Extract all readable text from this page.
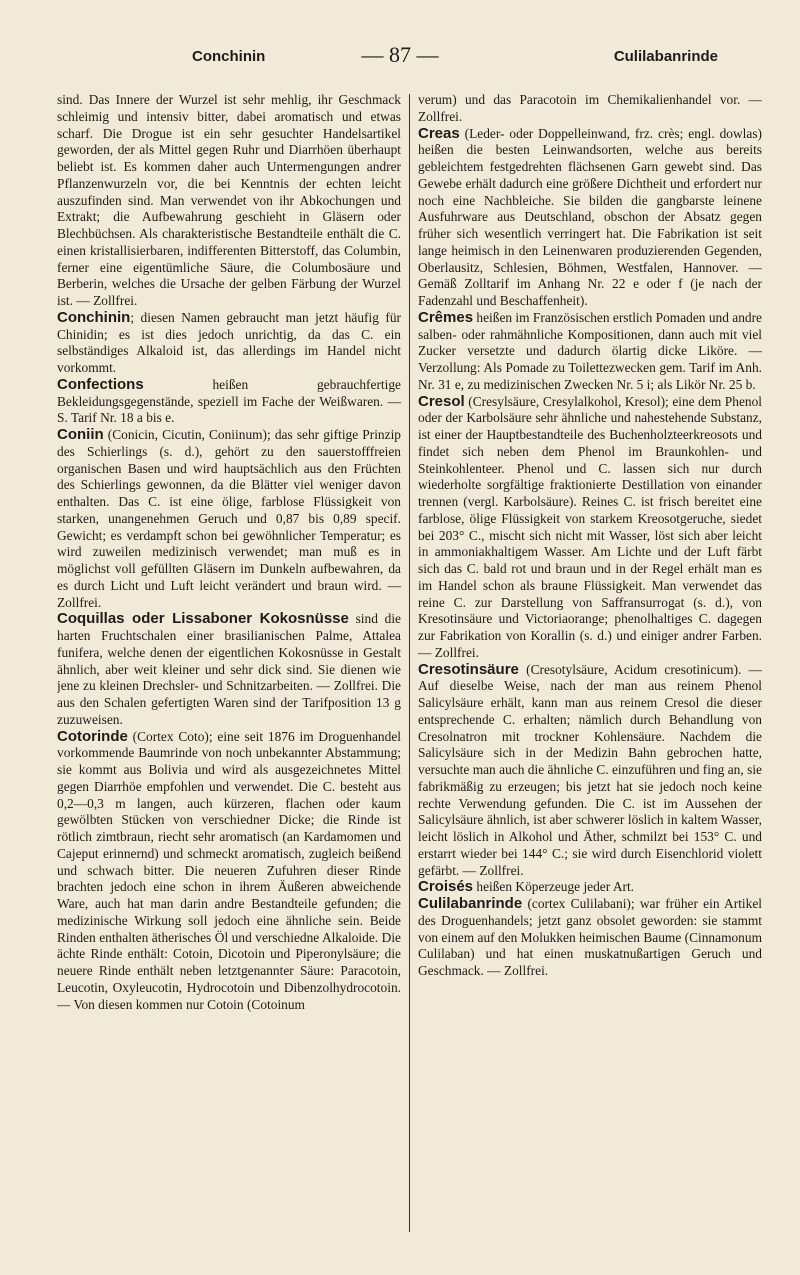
Conchinin	— 87 —	Culilabanrinde

sind. Das Innere der Wurzel ist sehr mehlig, ihr Geschmack schleimig und intensiv bitter, dabei aromatisch und etwas scharf. Die Drogue ist ein sehr gesuchter Handelsartikel geworden, der als Mittel gegen Ruhr und Diarrhöen überhaupt beliebt ist. Es kommen daher auch Untermengungen andrer Pflanzenwurzeln vor, die bei Kenntnis der echten leicht auszufinden sind. Man verwendet von ihr Abkochungen und Extrakt; die Aufbewahrung geschieht in Gläsern oder Blechbüchsen. Als charakteristische Bestandteile enthält die C. einen kristallisierbaren, indifferenten Bitterstoff, das Columbin, ferner eine eigentümliche Säure, die Columbosäure und Berberin, welches die Ursache der gelben Färbung der Wurzel ist. — Zollfrei.

Conchinin; diesen Namen gebraucht man jetzt häufig für Chinidin; es ist dies jedoch unrichtig, da das C. ein selbständiges Alkaloid ist, das allerdings im Handel nicht vorkommt.

Confections heißen gebrauchfertige Bekleidungsgegenstände, speziell im Fache der Weißwaren. — S. Tarif Nr. 18 a bis e.

Coniin (Conicin, Cicutin, Coniinum); das sehr giftige Prinzip des Schierlings (s. d.), gehört zu den sauerstofffreien organischen Basen und wird hauptsächlich aus den Früchten des Schierlings gewonnen, da die Blätter viel weniger davon enthalten. Das C. ist eine ölige, farblose Flüssigkeit von starken, unangenehmen Geruch und 0,87 bis 0,89 specif. Gewicht; es verdampft schon bei gewöhnlicher Temperatur; es wird zuweilen medizinisch verwendet; man muß es in möglichst voll gefüllten Gläsern im Dunkeln aufbewahren, da es durch Licht und Luft leicht verändert und braun wird. — Zollfrei.

Coquillas oder Lissaboner Kokosnüsse sind die harten Fruchtschalen einer brasilianischen Palme, Attalea funifera, welche denen der eigentlichen Kokosnüsse in Gestalt ähnlich, aber weit kleiner und sehr dick sind. Sie dienen wie jene zu kleinen Drechsler- und Schnitzarbeiten. — Zollfrei. Die aus den Schalen gefertigten Waren sind der Tarifposition 13 g zuzuweisen.

Cotorinde (Cortex Coto); eine seit 1876 im Droguenhandel vorkommende Baumrinde von noch unbekannter Abstammung; sie kommt aus Bolivia und wird als ausgezeichnetes Mittel gegen Diarrhöe empfohlen und verwendet. Die C. besteht aus 0,2—0,3 m langen, auch kürzeren, flachen oder kaum gewölbten Stücken von verschiedner Dicke; die Rinde ist rötlich zimtbraun, riecht sehr aromatisch (an Kardamomen und Cajeput erinnernd) und schmeckt aromatisch, zugleich beißend und schwach bitter. Die neueren Zufuhren dieser Rinde brachten jedoch eine schon in ihrem Äußeren abweichende Ware, auch hat man darin andre Bestandteile gefunden; die medizinische Wirkung soll jedoch eine ähnliche sein. Beide Rinden enthalten ätherisches Öl und verschiedne Alkaloide. Die ächte Rinde enthält: Cotoin, Dicotoin und Piperonylsäure; die neuere Rinde enthält neben letztgenannter Säure: Paracotoin, Leucotin, Oxyleucotin, Hydrocotoin und Dibenzolhydrocotoin. — Von diesen kommen nur Cotoin (Cotoinum

verum) und das Paracotoin im Chemikalienhandel vor. — Zollfrei.

Creas (Leder- oder Doppelleinwand, frz. crès; engl. dowlas) heißen die besten Leinwandsorten, welche aus bereits gebleichtem festgedrehten flächsenen Garn gewebt sind. Das Gewebe erhält dadurch eine größere Dichtheit und erfordert nur noch eine Nachbleiche. Sie bilden die gangbarste leinene Ausfuhrware aus Deutschland, obschon der Absatz gegen früher sich wesentlich verringert hat. Die Fabrikation ist seit lange heimisch in den Leinenwaren produzierenden Gegenden, Oberlausitz, Schlesien, Böhmen, Westfalen, Hannover. — Gemäß Zolltarif im Anhang Nr. 22 e oder f (je nach der Fadenzahl und Beschaffenheit).

Crêmes heißen im Französischen erstlich Pomaden und andre salben- oder rahmähnliche Kompositionen, dann auch mit viel Zucker versetzte und dadurch ölartig dicke Liköre. — Verzollung: Als Pomade zu Toilettezwecken gem. Tarif im Anh. Nr. 31 e, zu medizinischen Zwecken Nr. 5 i; als Likör Nr. 25 b.

Cresol (Cresylsäure, Cresylalkohol, Kresol); eine dem Phenol oder der Karbolsäure sehr ähnliche und nahestehende Substanz, ist einer der Hauptbestandteile des Buchenholzteerkreosots und findet sich neben dem Phenol im Braunkohlen- und Steinkohlenteer. Phenol und C. lassen sich nur durch wiederholte sorgfältige fraktionierte Destillation von einander trennen (vergl. Karbolsäure). Reines C. ist frisch bereitet eine farblose, ölige Flüssigkeit von starkem Kreosotgeruche, siedet bei 203° C., mischt sich nicht mit Wasser, löst sich aber leicht in ammoniakhaltigem Wasser. Am Lichte und der Luft färbt sich das C. bald rot und braun und in der Regel erhält man es im Handel schon als braune Flüssigkeit. Man verwendet das reine C. zur Darstellung von Saffransurrogat (s. d.), von Kresotinsäure und Victoriaorange; phenolhaltiges C. dagegen zur Fabrikation von Korallin (s. d.) und einiger andrer Farben. — Zollfrei.

Cresotinsäure (Cresotylsäure, Acidum cresotinicum). — Auf dieselbe Weise, nach der man aus reinem Phenol Salicylsäure erhält, kann man aus reinem Cresol die dieser entsprechende C. erhalten; nämlich durch Behandlung von Cresolnatron mit trockner Kohlensäure. Nachdem die Salicylsäure sich in der Medizin Bahn gebrochen hatte, versuchte man auch die ähnliche C. einzuführen und fing an, sie fabrikmäßig zu erzeugen; bis jetzt hat sie jedoch noch keine rechte Verwendung gefunden. Die C. ist im Aussehen der Salicylsäure ähnlich, ist aber schwerer löslich in kaltem Wasser, leicht löslich in Alkohol und Äther, schmilzt bei 153° C. und erstarrt wieder bei 144° C.; sie wird durch Eisenchlorid violett gefärbt. — Zollfrei.

Croisés heißen Köperzeuge jeder Art.

Culilabanrinde (cortex Culilabani); war früher ein Artikel des Droguenhandels; jetzt ganz obsolet geworden: sie stammt von einem auf den Molukken heimischen Baume (Cinnamonum Culilaban) und hat einen muskatnußartigen Geruch und Geschmack. — Zollfrei.
